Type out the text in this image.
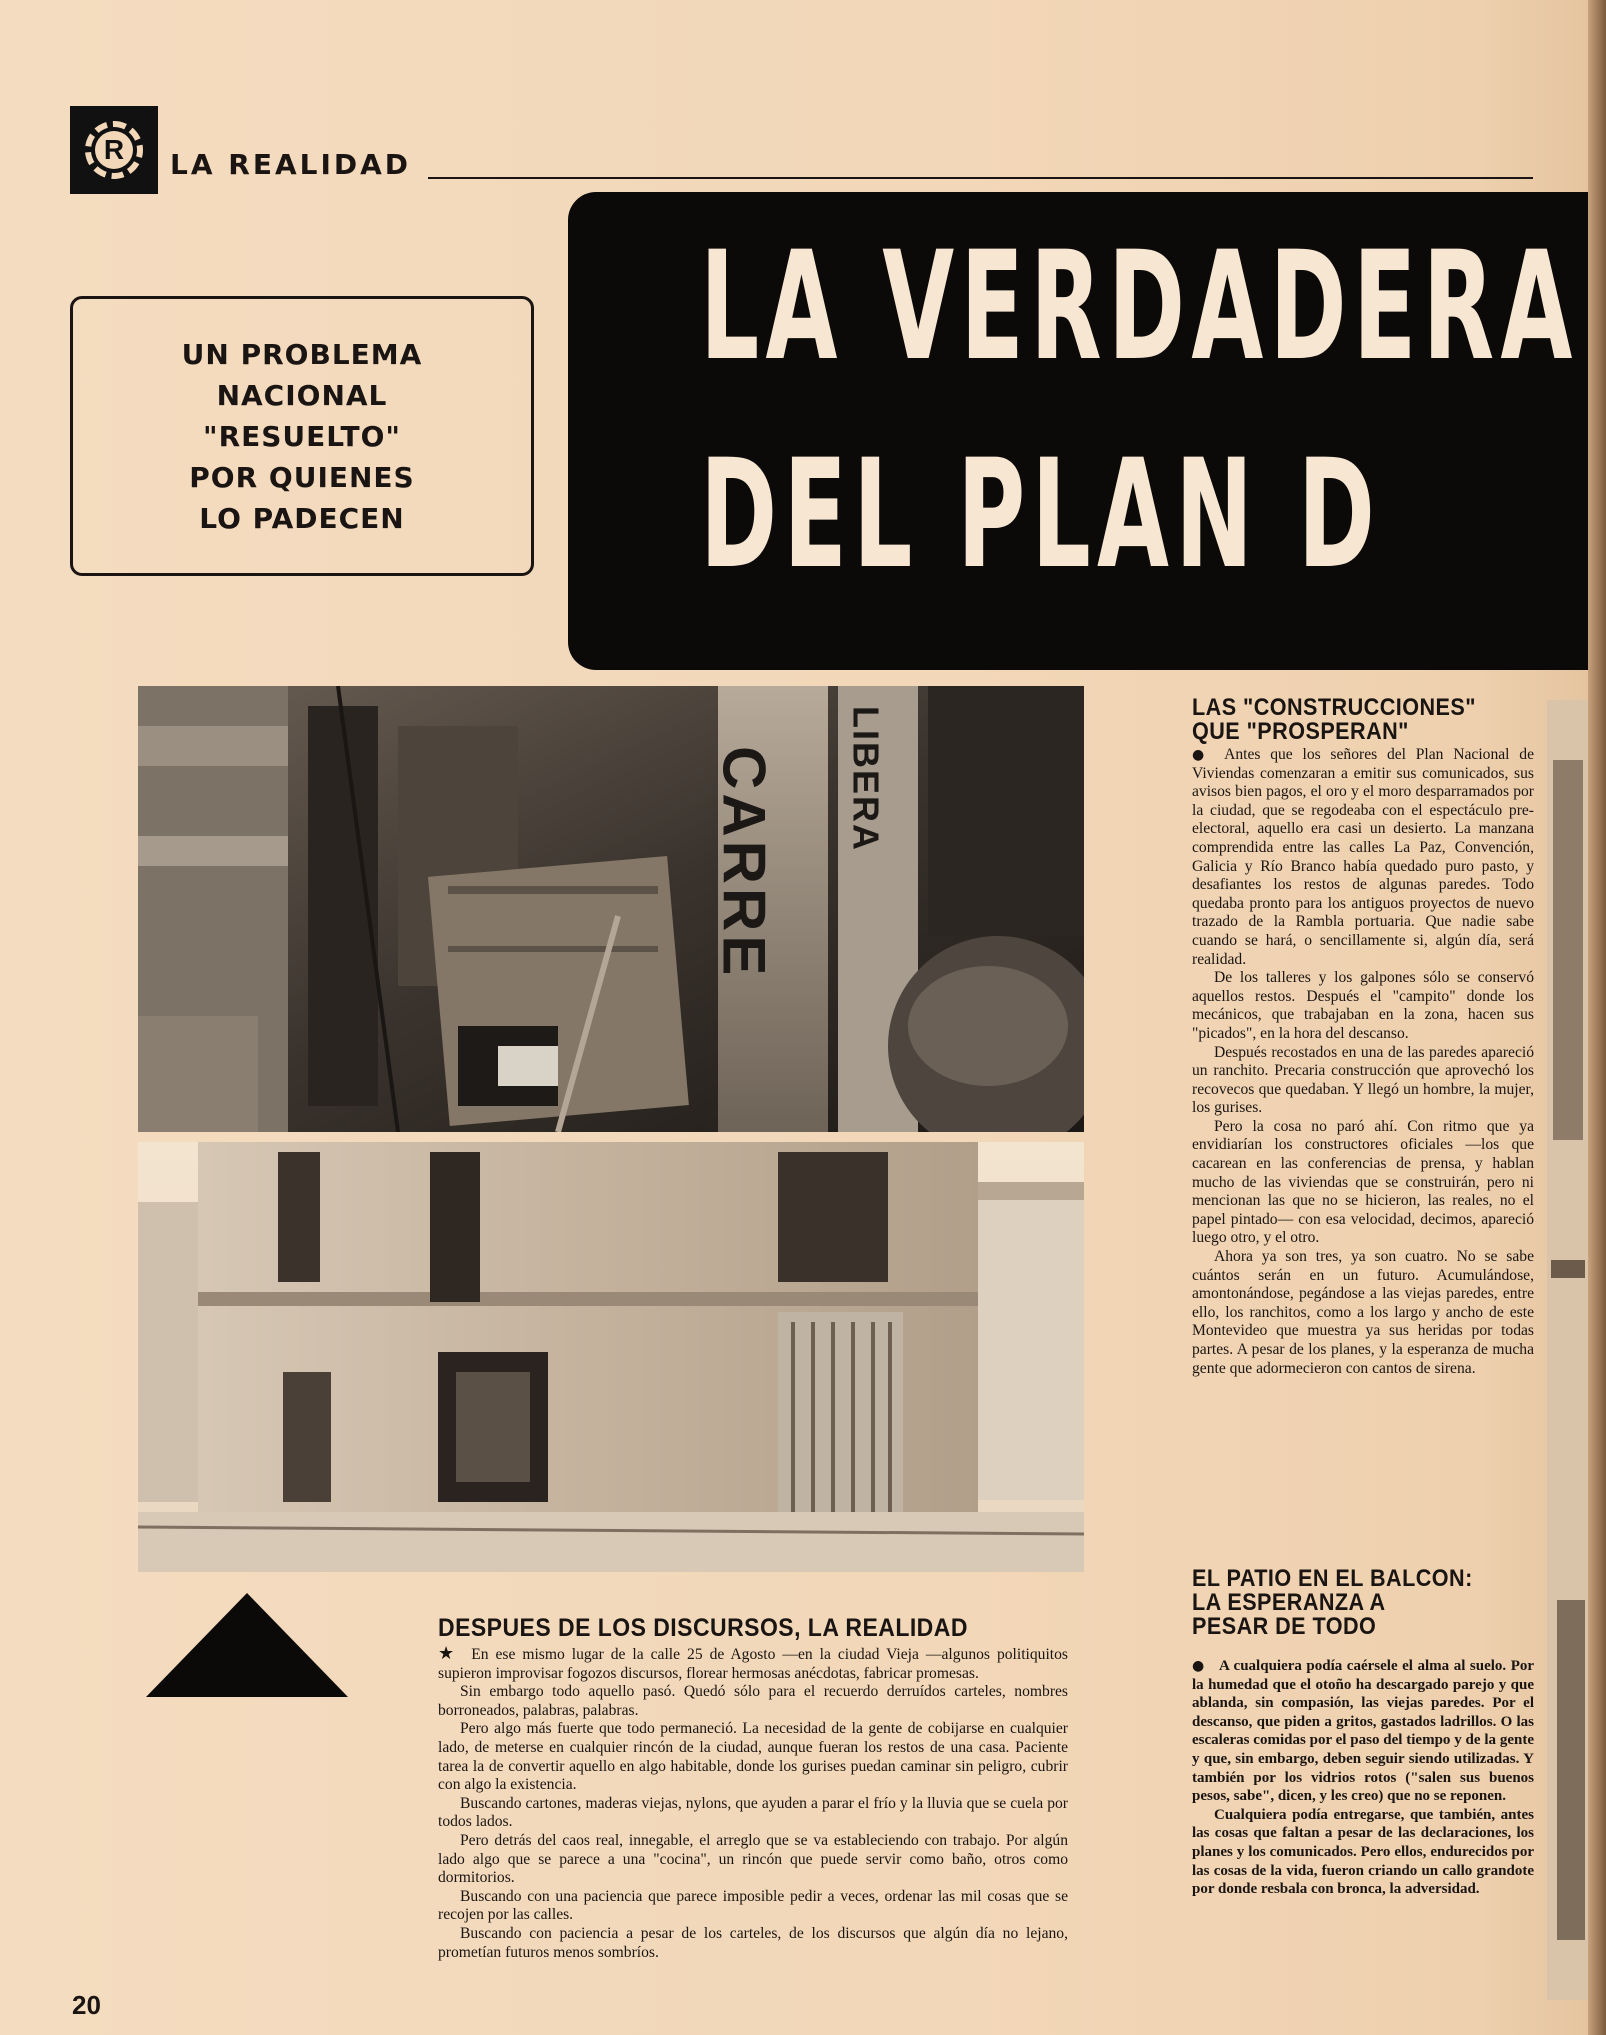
R	LA REALIDAD
UN PROBLEMA
NACIONAL
"RESUELTO"
POR QUIENES
LO PADECEN
LA VERDADERA
DEL PLAN D
CARRE LIBERA
DESPUES DE LOS DISCURSOS, LA REALIDAD

★ En ese mismo lugar de la calle 25 de Agosto —en la ciudad Vieja —algunos politiquitos supieron improvisar fogozos discursos, florear hermosas anécdotas, fabricar promesas.

Sin embargo todo aquello pasó. Quedó sólo para el recuerdo derruídos carteles, nombres borroneados, palabras, palabras.

Pero algo más fuerte que todo permaneció. La necesidad de la gente de cobijarse en cualquier lado, de meterse en cualquier rincón de la ciudad, aunque fueran los restos de una casa. Paciente tarea la de convertir aquello en algo habitable, donde los gurises puedan caminar sin peligro, cubrir con algo la existencia.

Buscando cartones, maderas viejas, nylons, que ayuden a parar el frío y la lluvia que se cuela por todos lados.

Pero detrás del caos real, innegable, el arreglo que se va estableciendo con trabajo. Por algún lado algo que se parece a una "cocina", un rincón que puede servir como baño, otros como dormitorios.

Buscando con una paciencia que parece imposible pedir a veces, ordenar las mil cosas que se recojen por las calles.

Buscando con paciencia a pesar de los carteles, de los discursos que algún día no lejano, prometían futuros menos sombríos.

LAS "CONSTRUCCIONES"
QUE "PROSPERAN"

● Antes que los señores del Plan Nacional de Viviendas comenzaran a emitir sus comunicados, sus avisos bien pagos, el oro y el moro desparramados por la ciudad, que se regodeaba con el espectáculo pre-electoral, aquello era casi un desierto. La manzana comprendida entre las calles La Paz, Convención, Galicia y Río Branco había quedado puro pasto, y desafiantes los restos de algunas paredes. Todo quedaba pronto para los antiguos proyectos de nuevo trazado de la Rambla portuaria. Que nadie sabe cuando se hará, o sencillamente si, algún día, será realidad.

De los talleres y los galpones sólo se conservó aquellos restos. Después el "campito" donde los mecánicos, que trabajaban en la zona, hacen sus "picados", en la hora del descanso.

Después recostados en una de las paredes apareció un ranchito. Precaria construcción que aprovechó los recovecos que quedaban. Y llegó un hombre, la mujer, los gurises.

Pero la cosa no paró ahí. Con ritmo que ya envidiarían los constructores oficiales —los que cacarean en las conferencias de prensa, y hablan mucho de las viviendas que se construirán, pero ni mencionan las que no se hicieron, las reales, no el papel pintado— con esa velocidad, decimos, apareció luego otro, y el otro.

Ahora ya son tres, ya son cuatro. No se sabe cuántos serán en un futuro. Acumulándose, amontonándose, pegándose a las viejas paredes, entre ello, los ranchitos, como a los largo y ancho de este Montevideo que muestra ya sus heridas por todas partes. A pesar de los planes, y la esperanza de mucha gente que adormecieron con cantos de sirena.

EL PATIO EN EL BALCON:
LA ESPERANZA A
PESAR DE TODO

● A cualquiera podía caérsele el alma al suelo. Por la humedad que el otoño ha descargado parejo y que ablanda, sin compasión, las viejas paredes. Por el descanso, que piden a gritos, gastados ladrillos. O las escaleras comidas por el paso del tiempo y de la gente y que, sin embargo, deben seguir siendo utilizadas. Y también por los vidrios rotos ("salen sus buenos pesos, sabe", dicen, y les creo) que no se reponen.

Cualquiera podía entregarse, que también, antes las cosas que faltan a pesar de las declaraciones, los planes y los comunicados. Pero ellos, endurecidos por las cosas de la vida, fueron criando un callo grandote por donde resbala con bronca, la adversidad.

20
